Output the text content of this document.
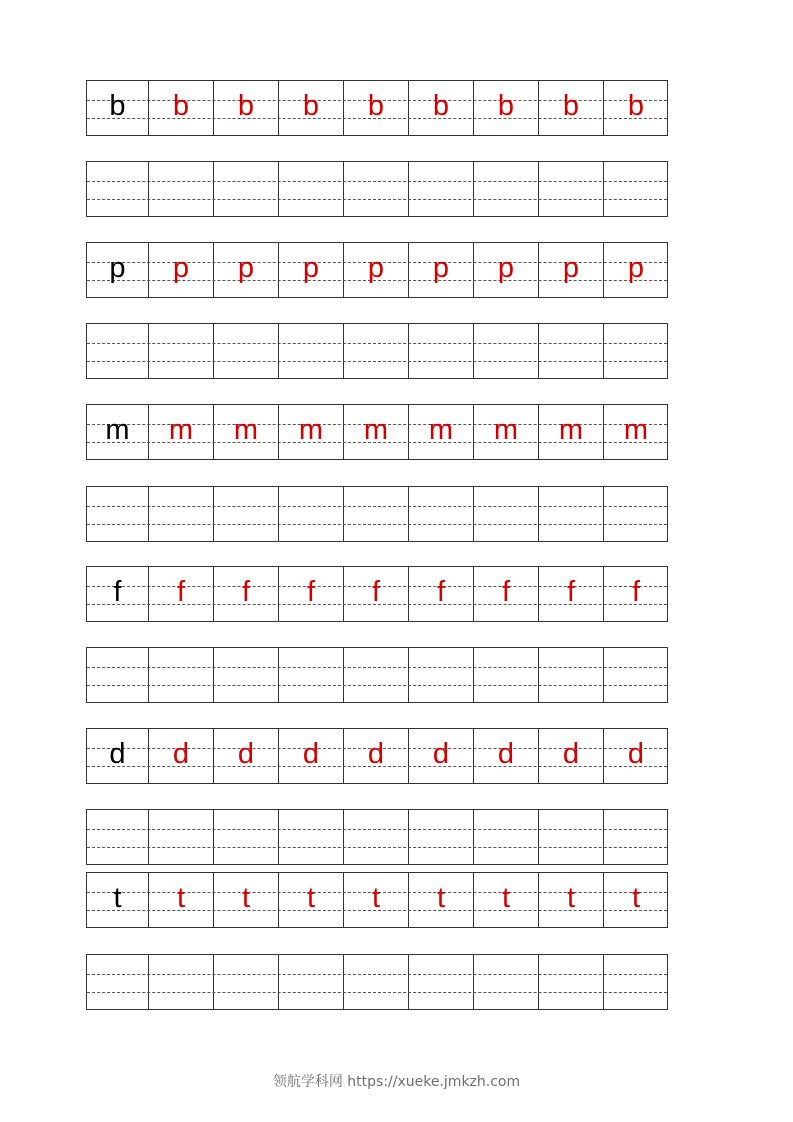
b	b	b	b	b	b	b	b	b
p	p	p	p	p	p	p	p	p
m	m	m	m	m	m	m	m	m
f	f	f	f	f	f	f	f	f
d	d	d	d	d	d	d	d	d
t	t	t	t	t	t	t	t	t
领航学科网 https://xueke.jmkzh.com
